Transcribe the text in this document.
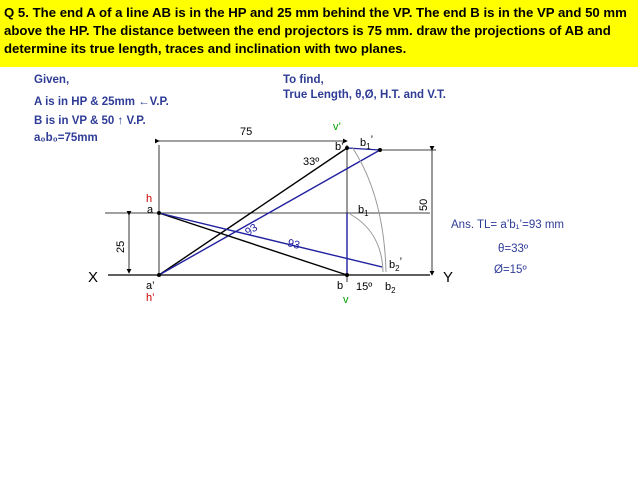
Q 5. The end A of a line AB is in the HP and 25 mm behind the VP. The end B is in the VP and 50 mm above the HP. The distance between the end projectors is 75 mm. draw the projections of AB and determine its true length, traces and inclination with two planes.
Given,
A is in HP & 25mm ←V.P.
B is in VP & 50 ↑ V.P.
a₀b₀=75mm
To find,
True Length, θ,Ø, H.T. and V.T.
Ans. TL= a’b₁’=93 mm
θ=33º
Ø=15º
X	Y
a
a’
b’
b
$b_1$
$b_1$’
$b_2$
$b_2$’
h
h’	v
v’
75
50
25
93
93
33º
15º
